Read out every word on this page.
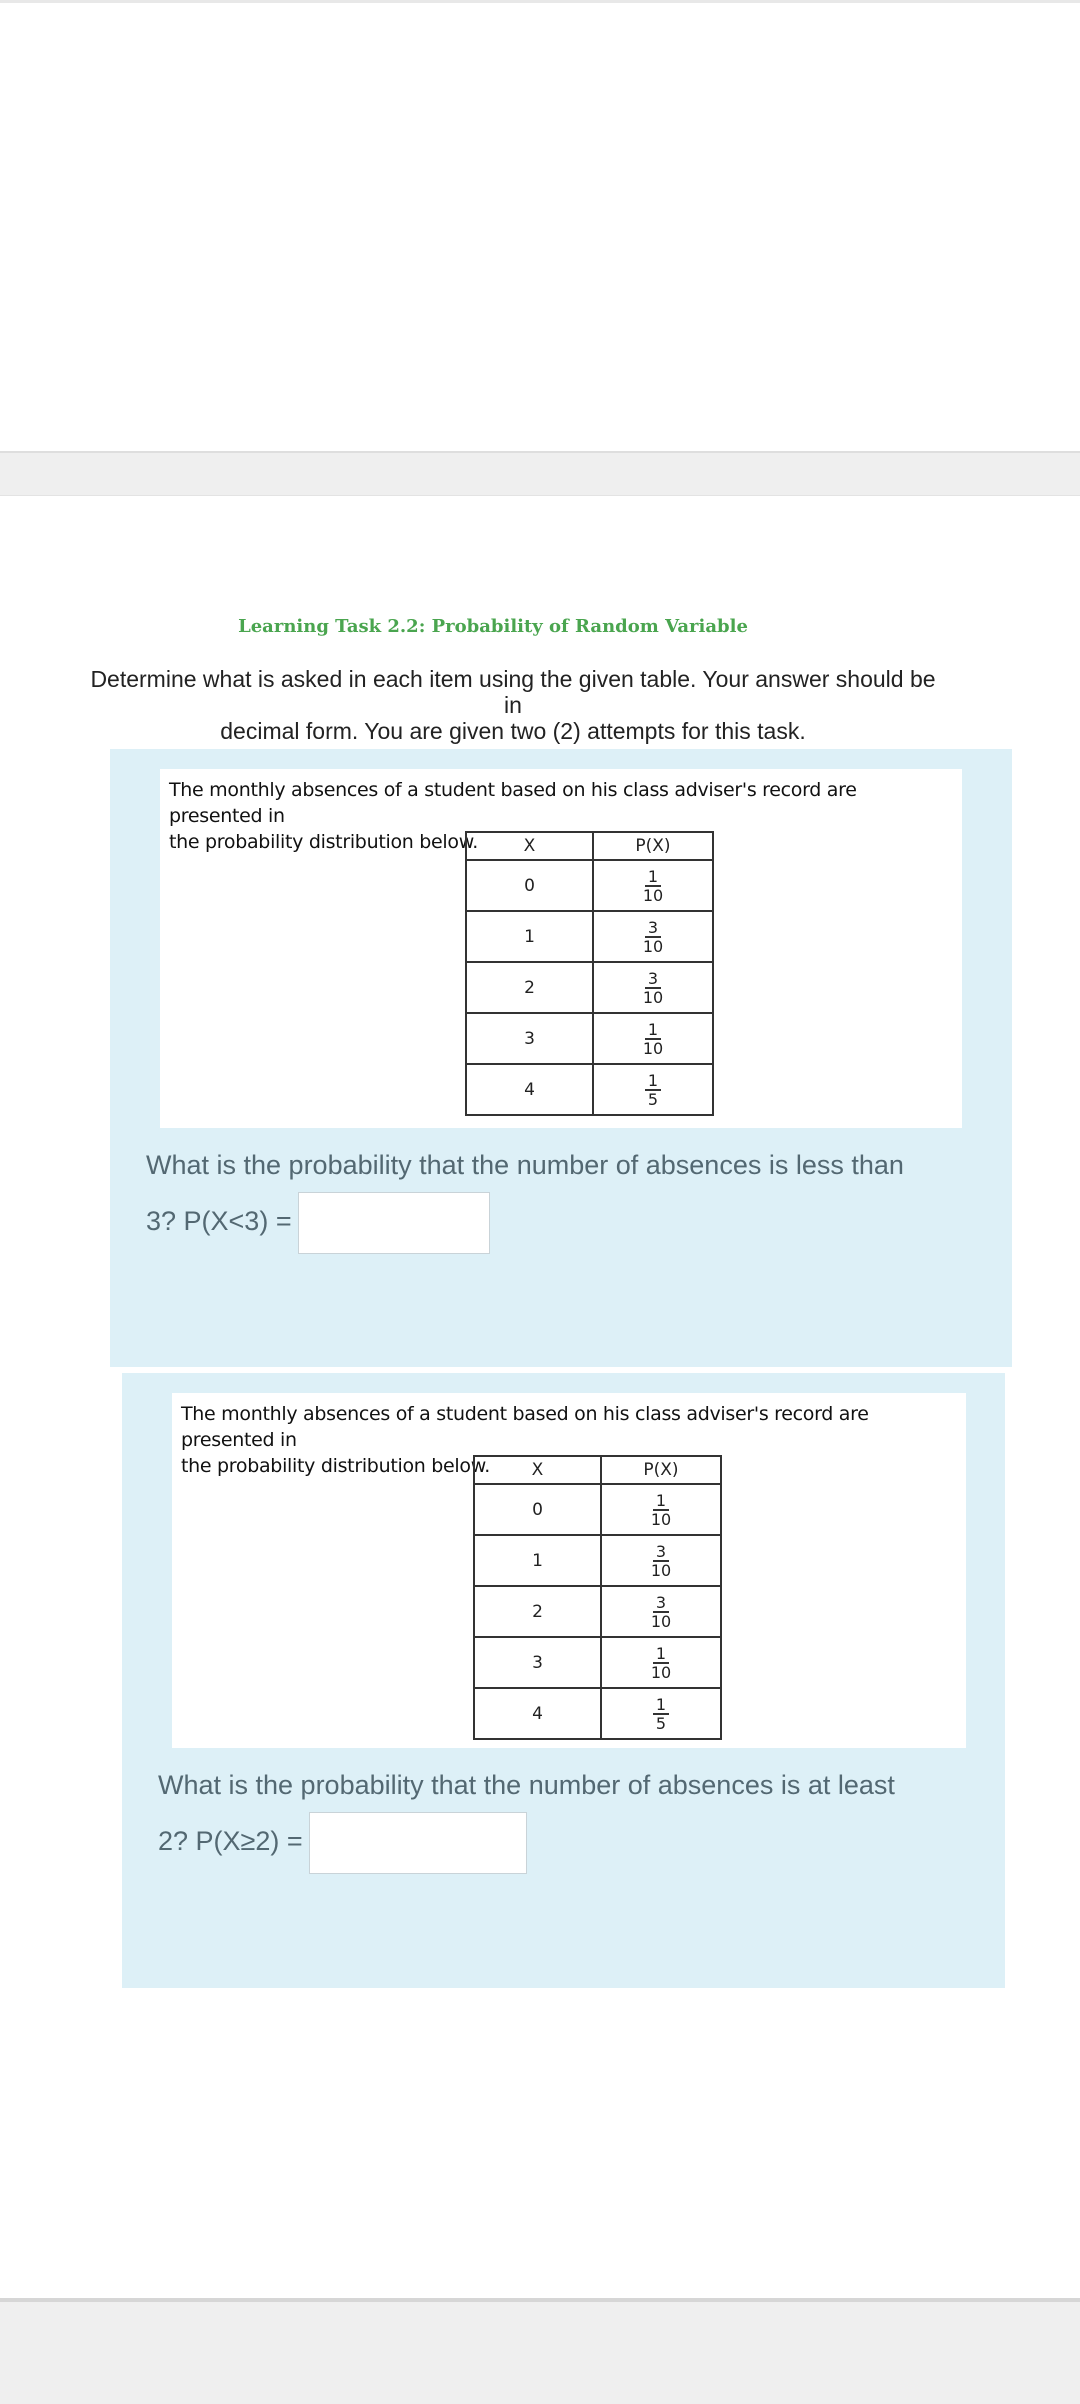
Learning Task 2.2: Probability of Random Variable
Determine what is asked in each item using the given table. Your answer should be in
decimal form. You are given two (2) attempts for this task.
The monthly absences of a student based on his class adviser's record are presented in
the probability distribution below.	X	P(X)
0	$\frac{1}{10}$

1	$\frac{3}{10}$

2	$\frac{3}{10}$

3	$\frac{1}{10}$

4	$\frac{1}{5}$
What is the probability that the number of absences is less than
3? P(X<3) =
The monthly absences of a student based on his class adviser's record are presented in
the probability distribution below.	X	P(X)
0	$\frac{1}{10}$

1	$\frac{3}{10}$

2	$\frac{3}{10}$

3	$\frac{1}{10}$

4	$\frac{1}{5}$
What is the probability that the number of absences is at least
2? P(X≥2) =
